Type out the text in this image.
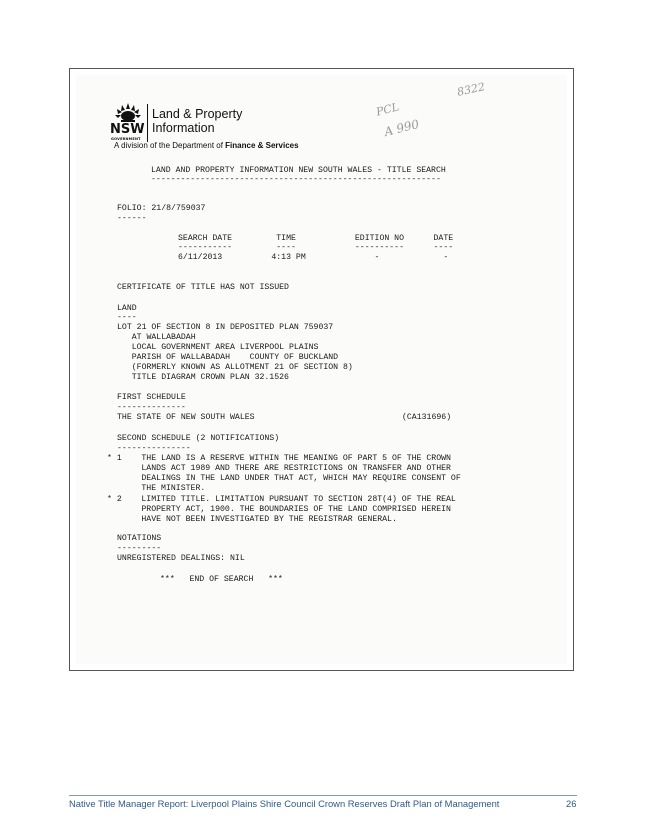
NSW
GOVERNMENT
Land & Property
Information
A division of the Department of Finance & Services
8322
PCL
A 990
LAND AND PROPERTY INFORMATION NEW SOUTH WALES - TITLE SEARCH
-----------------------------------------------------------
FOLIO: 21/8/759037
------
SEARCH DATE         TIME            EDITION NO      DATE
-----------         ----            ----------      ----
6/11/2013          4:13 PM              -             -
CERTIFICATE OF TITLE HAS NOT ISSUED
LAND
----
LOT 21 OF SECTION 8 IN DEPOSITED PLAN 759037
AT WALLABADAH
LOCAL GOVERNMENT AREA LIVERPOOL PLAINS
PARISH OF WALLABADAH    COUNTY OF BUCKLAND
(FORMERLY KNOWN AS ALLOTMENT 21 OF SECTION 8)
TITLE DIAGRAM CROWN PLAN 32.1526
FIRST SCHEDULE
--------------
THE STATE OF NEW SOUTH WALES                              (CA131696)
SECOND SCHEDULE (2 NOTIFICATIONS)
---------------
* 1    THE LAND IS A RESERVE WITHIN THE MEANING OF PART 5 OF THE CROWN
LANDS ACT 1989 AND THERE ARE RESTRICTIONS ON TRANSFER AND OTHER
DEALINGS IN THE LAND UNDER THAT ACT, WHICH MAY REQUIRE CONSENT OF
THE MINISTER.
* 2    LIMITED TITLE. LIMITATION PURSUANT TO SECTION 28T(4) OF THE REAL
PROPERTY ACT, 1900. THE BOUNDARIES OF THE LAND COMPRISED HEREIN
HAVE NOT BEEN INVESTIGATED BY THE REGISTRAR GENERAL.
NOTATIONS
---------
UNREGISTERED DEALINGS: NIL
***   END OF SEARCH   ***
Native Title Manager Report: Liverpool Plains Shire Council Crown Reserves Draft Plan of Management	26
